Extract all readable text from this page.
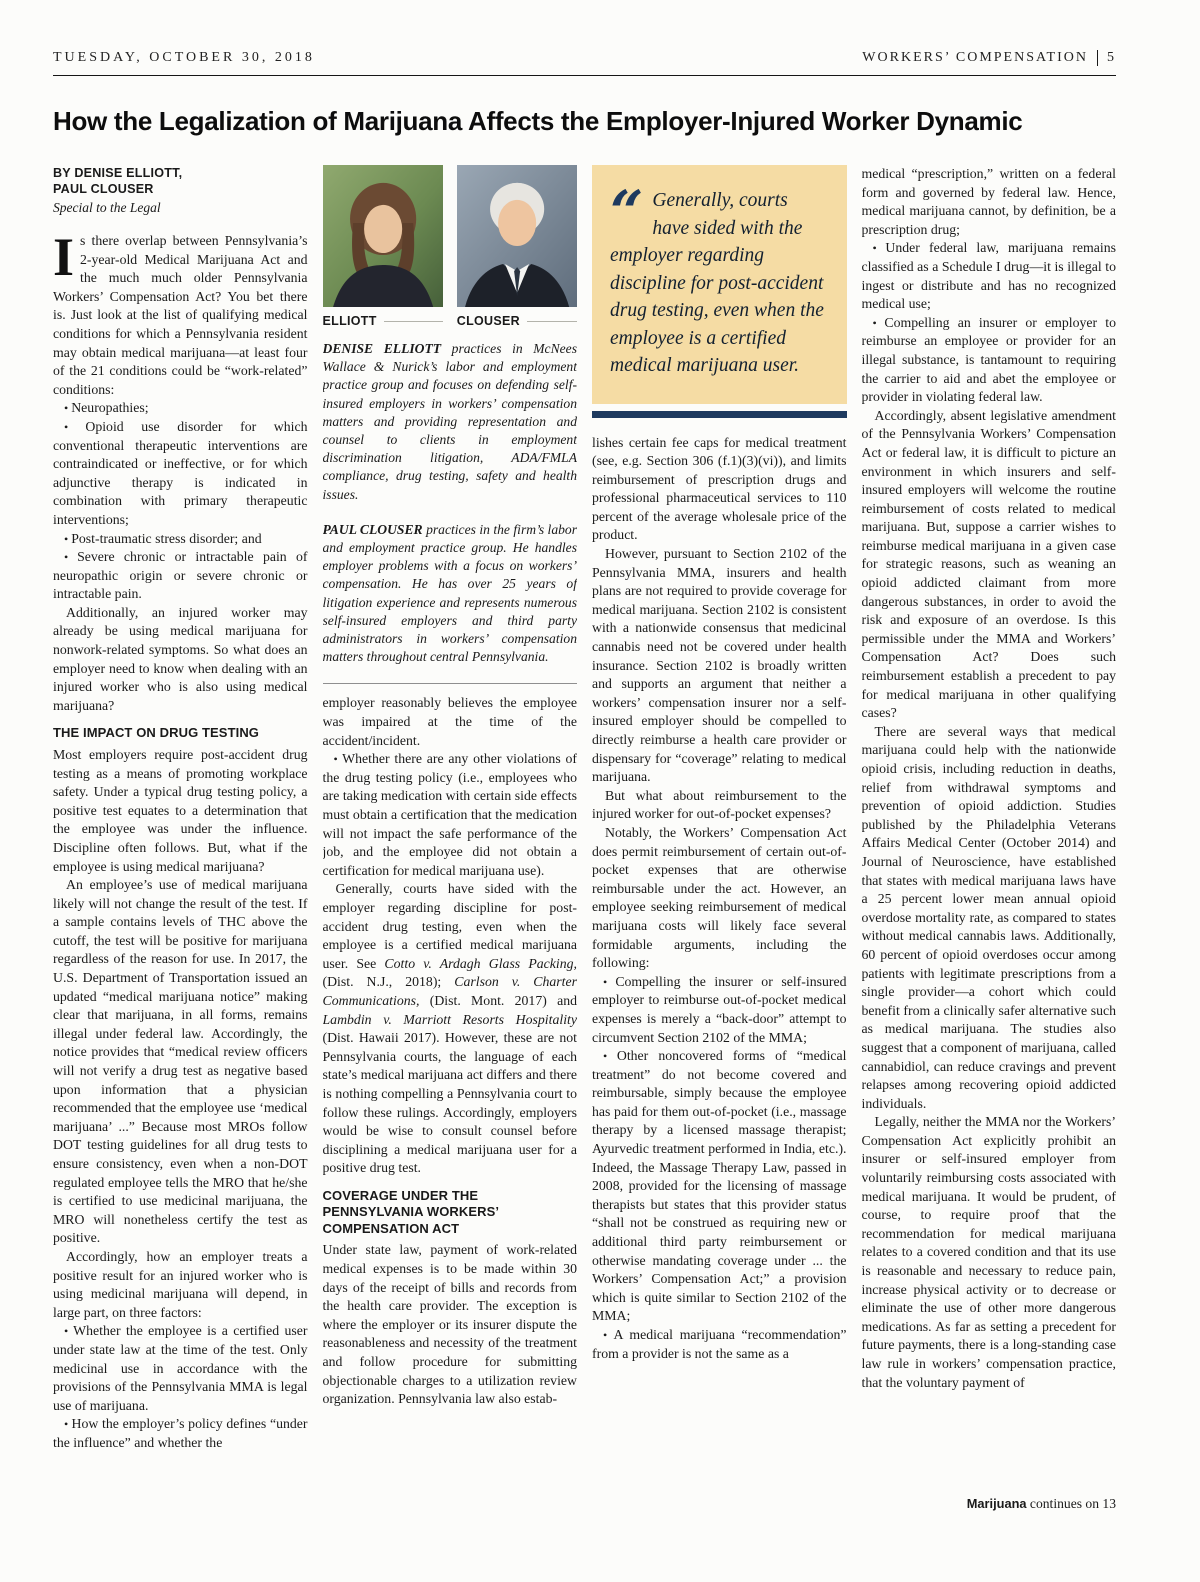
TUESDAY, OCTOBER 30, 2018	WORKERS’ COMPENSATION 5
How the Legalization of Marijuana Affects the Employer-Injured Worker Dynamic
BY DENISE ELLIOTT,
PAUL CLOUSER
Special to the Legal

Is there overlap between Pennsylvania’s 2-year-old Medical Marijuana Act and the much much older Pennsylvania Workers’ Compensation Act? You bet there is. Just look at the list of qualifying medical conditions for which a Pennsylvania resident may obtain medical marijuana—at least four of the 21 conditions could be “work-related” conditions:

• Neuropathies;

• Opioid use disorder for which conventional therapeutic interventions are contraindicated or ineffective, or for which adjunctive therapy is indicated in combination with primary therapeutic interventions;

• Post-traumatic stress disorder; and

• Severe chronic or intractable pain of neuropathic origin or severe chronic or intractable pain.

Additionally, an injured worker may already be using medical marijuana for nonwork-related symptoms. So what does an employer need to know when dealing with an injured worker who is also using medical marijuana?

THE IMPACT ON DRUG TESTING

Most employers require post-accident drug testing as a means of promoting workplace safety. Under a typical drug testing policy, a positive test equates to a determination that the employee was under the influence. Discipline often follows. But, what if the employee is using medical marijuana?

An employee’s use of medical marijuana likely will not change the result of the test. If a sample contains levels of THC above the cutoff, the test will be positive for marijuana regardless of the reason for use. In 2017, the U.S. Department of Transportation issued an updated “medical marijuana notice” making clear that marijuana, in all forms, remains illegal under federal law. Accordingly, the notice provides that “medical review officers will not verify a drug test as negative based upon information that a physician recommended that the employee use ‘medical marijuana’ ...” Because most MROs follow DOT testing guidelines for all drug tests to ensure consistency, even when a non-DOT regulated employee tells the MRO that he/she is certified to use medicinal marijuana, the MRO will nonetheless certify the test as positive.

Accordingly, how an employer treats a positive result for an injured worker who is using medicinal marijuana will depend, in large part, on three factors:

• Whether the employee is a certified user under state law at the time of the test. Only medicinal use in accordance with the provisions of the Pennsylvania MMA is legal use of marijuana.

• How the employer’s policy defines “under the influence” and whether the

ELLIOTT	CLOUSER

DENISE ELLIOTT practices in McNees Wallace & Nurick’s labor and employment practice group and focuses on defending self-insured employers in workers’ compensation matters and providing representation and counsel to clients in employment discrimination litigation, ADA/FMLA compliance, drug testing, safety and health issues.

PAUL CLOUSER practices in the firm’s labor and employment practice group. He handles employer problems with a focus on workers’ compensation. He has over 25 years of litigation experience and represents numerous self-insured employers and third party administrators in workers’ compensation matters throughout central Pennsylvania.

employer reasonably believes the employee was impaired at the time of the accident/incident.

• Whether there are any other violations of the drug testing policy (i.e., employees who are taking medication with certain side effects must obtain a certification that the medication will not impact the safe performance of the job, and the employee did not obtain a certification for medical marijuana use).

Generally, courts have sided with the employer regarding discipline for post-accident drug testing, even when the employee is a certified medical marijuana user. See Cotto v. Ardagh Glass Packing, (Dist. N.J., 2018); Carlson v. Charter Communications, (Dist. Mont. 2017) and Lambdin v. Marriott Resorts Hospitality (Dist. Hawaii 2017). However, these are not Pennsylvania courts, the language of each state’s medical marijuana act differs and there is nothing compelling a Pennsylvania court to follow these rulings. Accordingly, employers would be wise to consult counsel before disciplining a medical marijuana user for a positive drug test.

COVERAGE UNDER THE PENNSYLVANIA WORKERS’ COMPENSATION ACT

Under state law, payment of work-related medical expenses is to be made within 30 days of the receipt of bills and records from the health care provider. The exception is where the employer or its insurer dispute the reasonableness and necessity of the treatment and follow procedure for submitting objectionable charges to a utilization review organization. Pennsylvania law also estab-

“ Generally, courts have sided with the employer regarding discipline for post-accident drug testing, even when the employee is a certified medical marijuana user.

lishes certain fee caps for medical treatment (see, e.g. Section 306 (f.1)(3)(vi)), and limits reimbursement of prescription drugs and professional pharmaceutical services to 110 percent of the average wholesale price of the product.

However, pursuant to Section 2102 of the Pennsylvania MMA, insurers and health plans are not required to provide coverage for medical marijuana. Section 2102 is consistent with a nationwide consensus that medicinal cannabis need not be covered under health insurance. Section 2102 is broadly written and supports an argument that neither a workers’ compensation insurer nor a self-insured employer should be compelled to directly reimburse a health care provider or dispensary for “coverage” relating to medical marijuana.

But what about reimbursement to the injured worker for out-of-pocket expenses?

Notably, the Workers’ Compensation Act does permit reimbursement of certain out-of-pocket expenses that are otherwise reimbursable under the act. However, an employee seeking reimbursement of medical marijuana costs will likely face several formidable arguments, including the following:

• Compelling the insurer or self-insured employer to reimburse out-of-pocket medical expenses is merely a “back-door” attempt to circumvent Section 2102 of the MMA;

• Other noncovered forms of “medical treatment” do not become covered and reimbursable, simply because the employee has paid for them out-of-pocket (i.e., massage therapy by a licensed massage therapist; Ayurvedic treatment performed in India, etc.). Indeed, the Massage Therapy Law, passed in 2008, provided for the licensing of massage therapists but states that this provider status “shall not be construed as requiring new or additional third party reimbursement or otherwise mandating coverage under ... the Workers’ Compensation Act;” a provision which is quite similar to Section 2102 of the MMA;

• A medical marijuana “recommendation” from a provider is not the same as a

medical “prescription,” written on a federal form and governed by federal law. Hence, medical marijuana cannot, by definition, be a prescription drug;

• Under federal law, marijuana remains classified as a Schedule I drug—it is illegal to ingest or distribute and has no recognized medical use;

• Compelling an insurer or employer to reimburse an employee or provider for an illegal substance, is tantamount to requiring the carrier to aid and abet the employee or provider in violating federal law.

Accordingly, absent legislative amendment of the Pennsylvania Workers’ Compensation Act or federal law, it is difficult to picture an environment in which insurers and self-insured employers will welcome the routine reimbursement of costs related to medical marijuana. But, suppose a carrier wishes to reimburse medical marijuana in a given case for strategic reasons, such as weaning an opioid addicted claimant from more dangerous substances, in order to avoid the risk and exposure of an overdose. Is this permissible under the MMA and Workers’ Compensation Act? Does such reimbursement establish a precedent to pay for medical marijuana in other qualifying cases?

There are several ways that medical marijuana could help with the nationwide opioid crisis, including reduction in deaths, relief from withdrawal symptoms and prevention of opioid addiction. Studies published by the Philadelphia Veterans Affairs Medical Center (October 2014) and Journal of Neuroscience, have established that states with medical marijuana laws have a 25 percent lower mean annual opioid overdose mortality rate, as compared to states without medical cannabis laws. Additionally, 60 percent of opioid overdoses occur among patients with legitimate prescriptions from a single provider—a cohort which could benefit from a clinically safer alternative such as medical marijuana. The studies also suggest that a component of marijuana, called cannabidiol, can reduce cravings and prevent relapses among recovering opioid addicted individuals.

Legally, neither the MMA nor the Workers’ Compensation Act explicitly prohibit an insurer or self-insured employer from voluntarily reimbursing costs associated with medical marijuana. It would be prudent, of course, to require proof that the recommendation for medical marijuana relates to a covered condition and that its use is reasonable and necessary to reduce pain, increase physical activity or to decrease or eliminate the use of other more dangerous medications. As far as setting a precedent for future payments, there is a long-standing case law rule in workers’ compensation practice, that the voluntary payment of

Marijuana continues on 13
